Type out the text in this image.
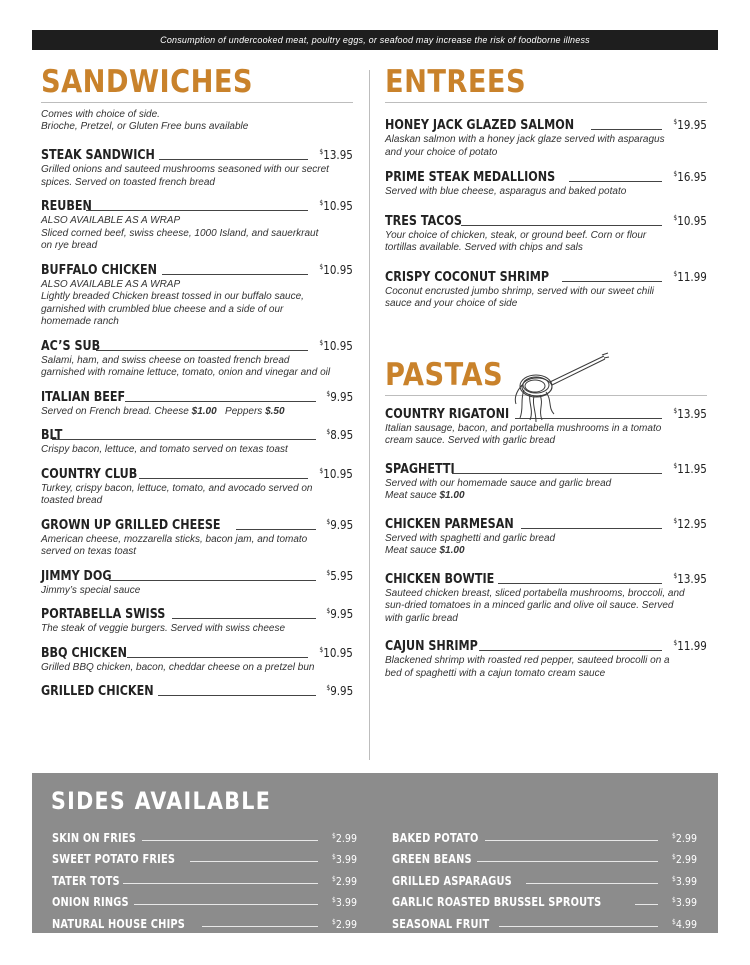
Consumption of undercooked meat, poultry eggs, or seafood may increase the risk of foodborne illness
SANDWICHES
Comes with choice of side.
Brioche, Pretzel, or Gluten Free buns available
STEAK SANDWICH	$13.95
Grilled onions and sauteed mushrooms seasoned with our secret spices. Served on toasted french bread
REUBEN	$10.95
ALSO AVAILABLE AS A WRAP
Sliced corned beef, swiss cheese, 1000 Island, and sauerkraut on rye bread
BUFFALO CHICKEN	$10.95
ALSO AVAILABLE AS A WRAP
Lightly breaded Chicken breast tossed in our buffalo sauce, garnished with crumbled blue cheese and a side of our homemade ranch
AC’S SUB	$10.95
Salami, ham, and swiss cheese on toasted french bread garnished with romaine lettuce, tomato, onion and vinegar and oil
ITALIAN BEEF	$9.95
Served on French bread. Cheese $1.00 Peppers $.50
BLT	$8.95
Crispy bacon, lettuce, and tomato served on texas toast
COUNTRY CLUB	$10.95
Turkey, crispy bacon, lettuce, tomato, and avocado served on toasted bread
GROWN UP GRILLED CHEESE	$9.95
American cheese, mozzarella sticks, bacon jam, and tomato served on texas toast
JIMMY DOG	$5.95
Jimmy’s special sauce
PORTABELLA SWISS	$9.95
The steak of veggie burgers. Served with swiss cheese
BBQ CHICKEN	$10.95
Grilled BBQ chicken, bacon, cheddar cheese on a pretzel bun
GRILLED CHICKEN	$9.95
ENTREES
HONEY JACK GLAZED SALMON	$19.95
Alaskan salmon with a honey jack glaze served with asparagus and your choice of potato
PRIME STEAK MEDALLIONS	$16.95
Served with blue cheese, asparagus and baked potato
TRES TACOS	$10.95
Your choice of chicken, steak, or ground beef. Corn or flour tortillas available. Served with chips and sals
CRISPY COCONUT SHRIMP	$11.99
Coconut encrusted jumbo shrimp, served with our sweet chili sauce and your choice of side
PASTAS
COUNTRY RIGATONI	$13.95
Italian sausage, bacon, and portabella mushrooms in a tomato cream sauce. Served with garlic bread
SPAGHETTI	$11.95
Served with our homemade sauce and garlic bread
Meat sauce $1.00
CHICKEN PARMESAN	$12.95
Served with spaghetti and garlic bread
Meat sauce $1.00
CHICKEN BOWTIE	$13.95
Sauteed chicken breast, sliced portabella mushrooms, broccoli, and sun-dried tomatoes in a minced garlic and olive oil sauce. Served with garlic bread
CAJUN SHRIMP	$11.99
Blackened shrimp with roasted red pepper, sauteed brocolli on a bed of spaghetti with a cajun tomato cream sauce
SIDES AVAILABLE
SKIN ON FRIES	$2.99
SWEET POTATO FRIES	$3.99
TATER TOTS	$2.99
ONION RINGS	$3.99
NATURAL HOUSE CHIPS	$2.99
BAKED POTATO	$2.99
GREEN BEANS	$2.99
GRILLED ASPARAGUS	$3.99
GARLIC ROASTED BRUSSEL SPROUTS	$3.99
SEASONAL FRUIT	$4.99
